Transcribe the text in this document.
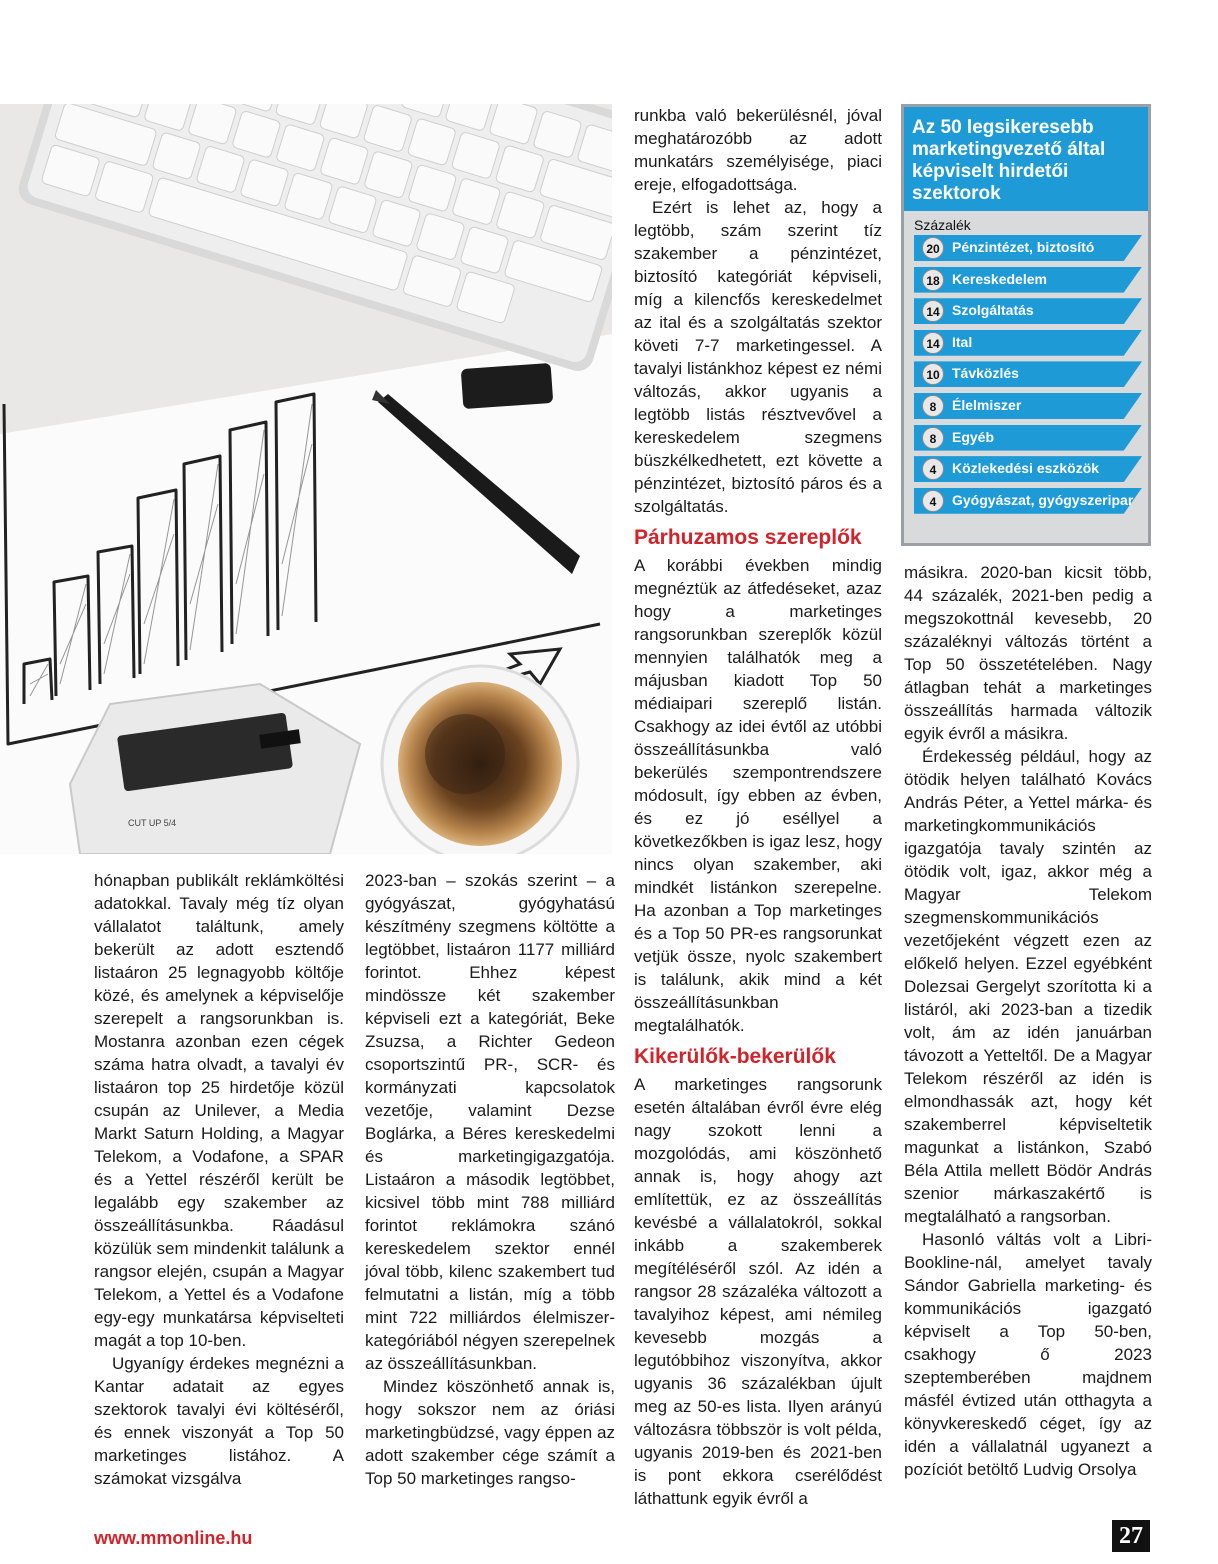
CUT UP 5/4
Az 50 legsikeresebb marketingvezető által képviselt hirdetői szektorok
Százalék
20 Pénzintézet, biztosító
18 Kereskedelem
14 Szolgáltatás
14 Ital
10 Távközlés
8	Élelmiszer
8	Egyéb
4	Közlekedési eszközök
4	Gyógyászat, gyógyszeripar

hónapban publikált reklámköltési adatokkal. Tavaly még tíz olyan vállalatot találtunk, amely bekerült az adott esztendő listaáron 25 legnagyobb költője közé, és amelynek a képviselője szerepelt a rangsorunkban is. Mostanra azonban ezen cégek száma hatra olvadt, a tavalyi év listaáron top 25 hirdetője közül csupán az Unilever, a Media Markt Saturn Holding, a Magyar Telekom, a Vodafone, a SPAR és a Yettel részéről került be legalább egy szakember az összeállításunkba. Ráadásul közülük sem mindenkit találunk a rangsor elején, csupán a Magyar Telekom, a Yettel és a Vodafone egy-egy munkatársa képviselteti magát a top 10-ben.

Ugyanígy érdekes megnézni a Kantar adatait az egyes szektorok tavalyi évi költéséről, és ennek viszonyát a Top 50 marketinges listához. A számokat vizsgálva

2023-ban – szokás szerint – a gyógyászat, gyógyhatású készítmény szegmens költötte a legtöbbet, listaáron 1177 milliárd forintot. Ehhez képest mindössze két szakember képviseli ezt a kategóriát, Beke Zsuzsa, a Richter Gedeon csoportszintű PR-, SCR- és kormányzati kapcsolatok vezetője, valamint Dezse Boglárka, a Béres kereskedelmi és marketingigazgatója. Listaáron a második legtöbbet, kicsivel több mint 788 milliárd forintot reklámokra szánó kereskedelem szektor ennél jóval több, kilenc szakembert tud felmutatni a listán, míg a több mint 722 milliárdos élelmiszer-kategóriából négyen szerepelnek az összeállításunkban.

Mindez köszönhető annak is, hogy sokszor nem az óriási marketingbüdzsé, vagy éppen az adott szakember cége számít a Top 50 marketinges rangso-

runkba való bekerülésnél, jóval meghatározóbb az adott munkatárs személyisége, piaci ereje, elfogadottsága.

Ezért is lehet az, hogy a legtöbb, szám szerint tíz szakember a pénzintézet, biztosító kategóriát képviseli, míg a kilencfős kereskedelmet az ital és a szolgáltatás szektor követi 7-7 marketingessel. A tavalyi listánkhoz képest ez némi változás, akkor ugyanis a legtöbb listás résztvevővel a kereskedelem szegmens büszkélkedhetett, ezt követte a pénzintézet, biztosító páros és a szolgáltatás.

Párhuzamos szereplők

A korábbi években mindig megnéztük az átfedéseket, azaz hogy a marketinges rangsorunkban szereplők közül mennyien találhatók meg a májusban kiadott Top 50 médiaipari szereplő listán. Csakhogy az idei évtől az utóbbi összeállításunkba való bekerülés szempontrendszere módosult, így ebben az évben, és ez jó eséllyel a következőkben is igaz lesz, hogy nincs olyan szakember, aki mindkét listánkon szerepelne. Ha azonban a Top marketinges és a Top 50 PR-es rangsorunkat vetjük össze, nyolc szakembert is találunk, akik mind a két összeállításunkban megtalálhatók.

Kikerülők-bekerülők

A marketinges rangsorunk esetén általában évről évre elég nagy szokott lenni a mozgolódás, ami köszönhető annak is, hogy ahogy azt említettük, ez az összeállítás kevésbé a vállalatokról, sokkal inkább a szakemberek megítéléséről szól. Az idén a rangsor 28 százaléka változott a tavalyihoz képest, ami némileg kevesebb mozgás a legutóbbihoz viszonyítva, akkor ugyanis 36 százalékban újult meg az 50-es lista. Ilyen arányú változásra többször is volt példa, ugyanis 2019-ben és 2021-ben is pont ekkora cserélődést láthattunk egyik évről a

másikra. 2020-ban kicsit több, 44 százalék, 2021-ben pedig a megszokottnál kevesebb, 20 százaléknyi változás történt a Top 50 összetételében. Nagy átlagban tehát a marketinges összeállítás harmada változik egyik évről a másikra.

Érdekesség például, hogy az ötödik helyen található Kovács András Péter, a Yettel márka- és marketingkommunikációs igazgatója tavaly szintén az ötödik volt, igaz, akkor még a Magyar Telekom szegmenskommunikációs vezetőjeként végzett ezen az előkelő helyen. Ezzel egyébként Dolezsai Gergelyt szorította ki a listáról, aki 2023-ban a tizedik volt, ám az idén januárban távozott a Yetteltől. De a Magyar Telekom részéről az idén is elmondhassák azt, hogy két szakemberrel képviseltetik magunkat a listánkon, Szabó Béla Attila mellett Bödör András szenior márkaszakértő is megtalálható a rangsorban.

Hasonló váltás volt a Libri-Bookline-nál, amelyet tavaly Sándor Gabriella marketing- és kommunikációs igazgató képviselt a Top 50-ben, csakhogy ő 2023 szeptemberében majdnem másfél évtized után otthagyta a könyvkereskedő céget, így az idén a vállalatnál ugyanezt a pozíciót betöltő Ludvig Orsolya

www.mmonline.hu	27
